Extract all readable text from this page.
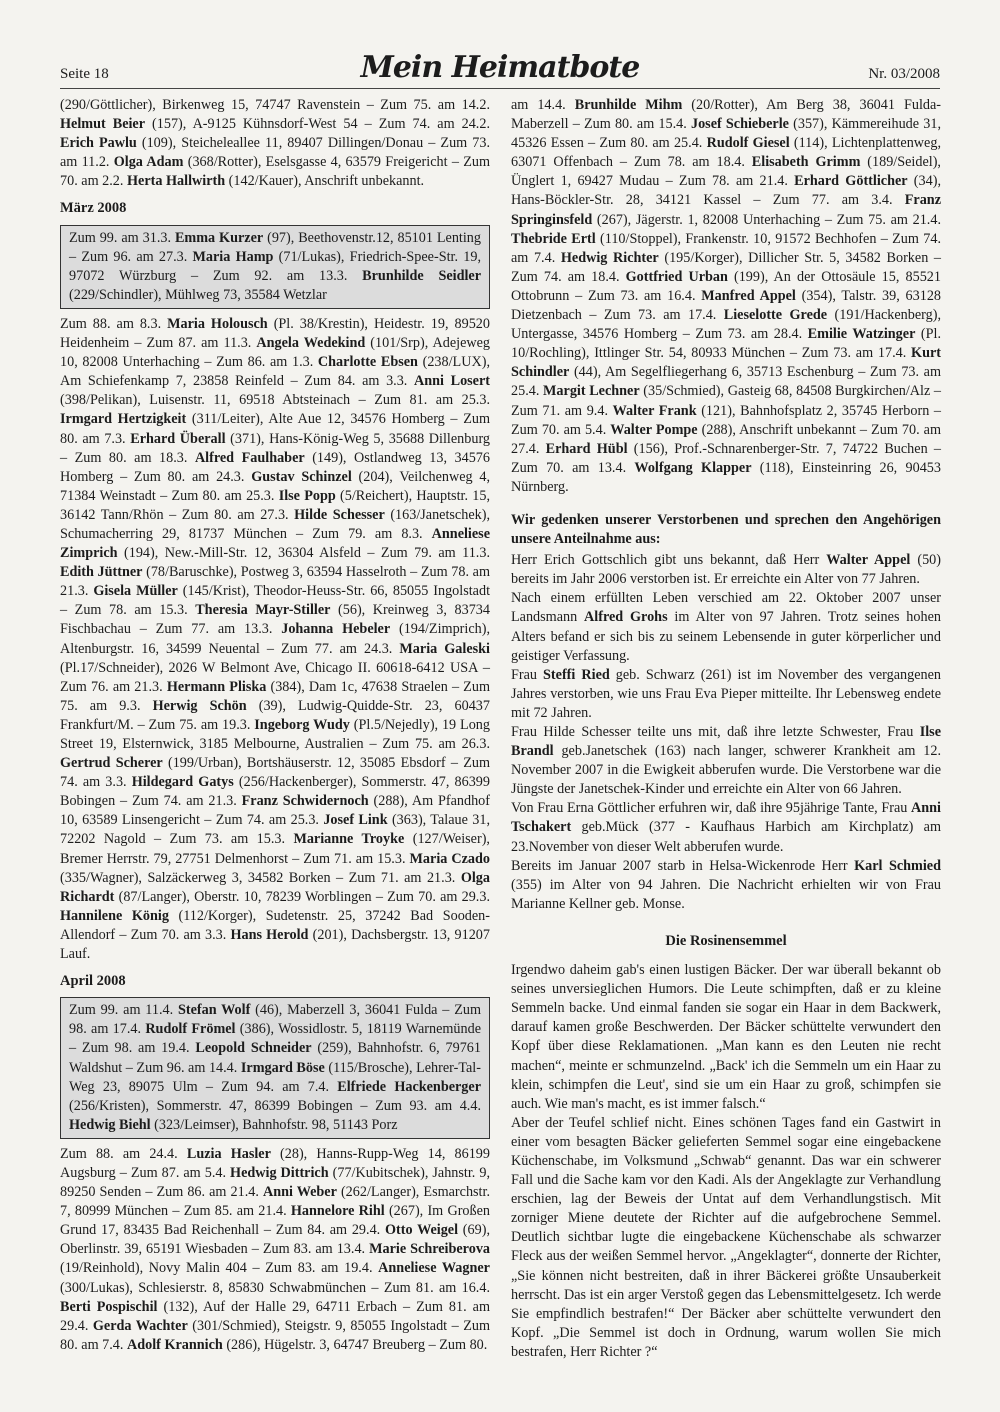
Seite 18	Mein Heimatbote	Nr. 03/2008

(290/Göttlicher), Birkenweg 15, 74747 Ravenstein – Zum 75. am 14.2. Helmut Beier (157), A-9125 Kühnsdorf-West 54 – Zum 74. am 24.2. Erich Pawlu (109), Steicheleallee 11, 89407 Dillingen/Donau – Zum 73. am 11.2. Olga Adam (368/Rotter), Eselsgasse 4, 63579 Freigericht – Zum 70. am 2.2. Herta Hallwirth (142/Kauer), Anschrift unbekannt.

März 2008

Zum 99. am 31.3. Emma Kurzer (97), Beethovenstr.12, 85101 Lenting – Zum 96. am 27.3. Maria Hamp (71/Lukas), Friedrich-Spee-Str. 19, 97072 Würzburg – Zum 92. am 13.3. Brunhilde Seidler (229/Schindler), Mühlweg 73, 35584 Wetzlar

Zum 88. am 8.3. Maria Holousch (Pl. 38/Krestin), Heidestr. 19, 89520 Heidenheim – Zum 87. am 11.3. Angela Wedekind (101/Srp), Adejeweg 10, 82008 Unterhaching – Zum 86. am 1.3. Charlotte Ebsen (238/LUX), Am Schiefenkamp 7, 23858 Reinfeld – Zum 84. am 3.3. Anni Losert (398/Pelikan), Luisenstr. 11, 69518 Abtsteinach – Zum 81. am 25.3. Irmgard Hertzigkeit (311/Leiter), Alte Aue 12, 34576 Homberg – Zum 80. am 7.3. Erhard Überall (371), Hans-König-Weg 5, 35688 Dillenburg – Zum 80. am 18.3. Alfred Faulhaber (149), Ostlandweg 13, 34576 Homberg – Zum 80. am 24.3. Gustav Schinzel (204), Veilchenweg 4, 71384 Weinstadt – Zum 80. am 25.3. Ilse Popp (5/Reichert), Hauptstr. 15, 36142 Tann/Rhön – Zum 80. am 27.3. Hilde Schesser (163/Janetschek), Schumacherring 29, 81737 München – Zum 79. am 8.3. Anneliese Zimprich (194), New.-Mill-Str. 12, 36304 Alsfeld – Zum 79. am 11.3. Edith Jüttner (78/Baruschke), Postweg 3, 63594 Hasselroth – Zum 78. am 21.3. Gisela Müller (145/Krist), Theodor-Heuss-Str. 66, 85055 Ingolstadt – Zum 78. am 15.3. Theresia Mayr-Stiller (56), Kreinweg 3, 83734 Fischbachau – Zum 77. am 13.3. Johanna Hebeler (194/Zimprich), Altenburgstr. 16, 34599 Neuental – Zum 77. am 24.3. Maria Galeski (Pl.17/Schneider), 2026 W Belmont Ave, Chicago II. 60618-6412 USA – Zum 76. am 21.3. Hermann Pliska (384), Dam 1c, 47638 Straelen – Zum 75. am 9.3. Herwig Schön (39), Ludwig-Quidde-Str. 23, 60437 Frankfurt/M. – Zum 75. am 19.3. Ingeborg Wudy (Pl.5/Nejedly), 19 Long Street 19, Elsternwick, 3185 Melbourne, Australien – Zum 75. am 26.3. Gertrud Scherer (199/Urban), Bortshäuserstr. 12, 35085 Ebsdorf – Zum 74. am 3.3. Hildegard Gatys (256/Hackenberger), Sommerstr. 47, 86399 Bobingen – Zum 74. am 21.3. Franz Schwidernoch (288), Am Pfandhof 10, 63589 Linsengericht – Zum 74. am 25.3. Josef Link (363), Talaue 31, 72202 Nagold – Zum 73. am 15.3. Marianne Troyke (127/Weiser), Bremer Herrstr. 79, 27751 Delmenhorst – Zum 71. am 15.3. Maria Czado (335/Wagner), Salzäckerweg 3, 34582 Borken – Zum 71. am 21.3. Olga Richardt (87/Langer), Oberstr. 10, 78239 Worblingen – Zum 70. am 29.3. Hannilene König (112/Korger), Sudetenstr. 25, 37242 Bad Sooden-Allendorf – Zum 70. am 3.3. Hans Herold (201), Dachsbergstr. 13, 91207 Lauf.

April 2008

Zum 99. am 11.4. Stefan Wolf (46), Maberzell 3, 36041 Fulda – Zum 98. am 17.4. Rudolf Frömel (386), Wossidlostr. 5, 18119 Warnemünde – Zum 98. am 19.4. Leopold Schneider (259), Bahnhofstr. 6, 79761 Waldshut – Zum 96. am 14.4. Irmgard Böse (115/Brosche), Lehrer-Tal-Weg 23, 89075 Ulm – Zum 94. am 7.4. Elfriede Hackenberger (256/Kristen), Sommerstr. 47, 86399 Bobingen – Zum 93. am 4.4. Hedwig Biehl (323/Leimser), Bahnhofstr. 98, 51143 Porz

Zum 88. am 24.4. Luzia Hasler (28), Hanns-Rupp-Weg 14, 86199 Augsburg – Zum 87. am 5.4. Hedwig Dittrich (77/Kubitschek), Jahnstr. 9, 89250 Senden – Zum 86. am 21.4. Anni Weber (262/Langer), Esmarchstr. 7, 80999 München – Zum 85. am 21.4. Hannelore Rihl (267), Im Großen Grund 17, 83435 Bad Reichenhall – Zum 84. am 29.4. Otto Weigel (69), Oberlinstr. 39, 65191 Wiesbaden – Zum 83. am 13.4. Marie Schreiberova (19/Reinhold), Novy Malin 404 – Zum 83. am 19.4. Anneliese Wagner (300/Lukas), Schlesierstr. 8, 85830 Schwabmünchen – Zum 81. am 16.4. Berti Pospischil (132), Auf der Halle 29, 64711 Erbach – Zum 81. am 29.4. Gerda Wachter (301/Schmied), Steigstr. 9, 85055 Ingolstadt – Zum 80. am 7.4. Adolf Krannich (286), Hügelstr. 3, 64747 Breuberg – Zum 80.

am 14.4. Brunhilde Mihm (20/Rotter), Am Berg 38, 36041 Fulda-Maberzell – Zum 80. am 15.4. Josef Schieberle (357), Kämmereihude 31, 45326 Essen – Zum 80. am 25.4. Rudolf Giesel (114), Lichtenplattenweg, 63071 Offenbach – Zum 78. am 18.4. Elisabeth Grimm (189/Seidel), Ünglert 1, 69427 Mudau – Zum 78. am 21.4. Erhard Göttlicher (34), Hans-Böckler-Str. 28, 34121 Kassel – Zum 77. am 3.4. Franz Springinsfeld (267), Jägerstr. 1, 82008 Unterhaching – Zum 75. am 21.4. Thebride Ertl (110/Stoppel), Frankenstr. 10, 91572 Bechhofen – Zum 74. am 7.4. Hedwig Richter (195/Korger), Dillicher Str. 5, 34582 Borken – Zum 74. am 18.4. Gottfried Urban (199), An der Ottosäule 15, 85521 Ottobrunn – Zum 73. am 16.4. Manfred Appel (354), Talstr. 39, 63128 Dietzenbach – Zum 73. am 17.4. Lieselotte Grede (191/Hackenberg), Untergasse, 34576 Homberg – Zum 73. am 28.4. Emilie Watzinger (Pl. 10/Rochling), Ittlinger Str. 54, 80933 München – Zum 73. am 17.4. Kurt Schindler (44), Am Segelfliegerhang 6, 35713 Eschenburg – Zum 73. am 25.4. Margit Lechner (35/Schmied), Gasteig 68, 84508 Burgkirchen/Alz – Zum 71. am 9.4. Walter Frank (121), Bahnhofsplatz 2, 35745 Herborn – Zum 70. am 5.4. Walter Pompe (288), Anschrift unbekannt – Zum 70. am 27.4. Erhard Hübl (156), Prof.-Schnarenberger-Str. 7, 74722 Buchen – Zum 70. am 13.4. Wolfgang Klapper (118), Einsteinring 26, 90453 Nürnberg.

Wir gedenken unserer Verstorbenen und sprechen den Angehörigen unsere Anteilnahme aus:

Herr Erich Gottschlich gibt uns bekannt, daß Herr Walter Appel (50) bereits im Jahr 2006 verstorben ist. Er erreichte ein Alter von 77 Jahren.

Nach einem erfüllten Leben verschied am 22. Oktober 2007 unser Landsmann Alfred Grohs im Alter von 97 Jahren. Trotz seines hohen Alters befand er sich bis zu seinem Lebensende in guter körperlicher und geistiger Verfassung.

Frau Steffi Ried geb. Schwarz (261) ist im November des vergangenen Jahres verstorben, wie uns Frau Eva Pieper mitteilte. Ihr Lebensweg endete mit 72 Jahren.

Frau Hilde Schesser teilte uns mit, daß ihre letzte Schwester, Frau Ilse Brandl geb.Janetschek (163) nach langer, schwerer Krankheit am 12. November 2007 in die Ewigkeit abberufen wurde. Die Verstorbene war die Jüngste der Janetschek-Kinder und erreichte ein Alter von 66 Jahren.

Von Frau Erna Göttlicher erfuhren wir, daß ihre 95jährige Tante, Frau Anni Tschakert geb.Mück (377 - Kaufhaus Harbich am Kirchplatz) am 23.November von dieser Welt abberufen wurde.

Bereits im Januar 2007 starb in Helsa-Wickenrode Herr Karl Schmied (355) im Alter von 94 Jahren. Die Nachricht erhielten wir von Frau Marianne Kellner geb. Monse.

Die Rosinensemmel

Irgendwo daheim gab's einen lustigen Bäcker. Der war überall bekannt ob seines unversieglichen Humors. Die Leute schimpften, daß er zu kleine Semmeln backe. Und einmal fanden sie sogar ein Haar in dem Backwerk, darauf kamen große Beschwerden. Der Bäcker schüttelte verwundert den Kopf über diese Reklamationen. „Man kann es den Leuten nie recht machen“, meinte er schmunzelnd. „Back' ich die Semmeln um ein Haar zu klein, schimpfen die Leut', sind sie um ein Haar zu groß, schimpfen sie auch. Wie man's macht, es ist immer falsch.“

Aber der Teufel schlief nicht. Eines schönen Tages fand ein Gastwirt in einer vom besagten Bäcker gelieferten Semmel sogar eine eingebackene Küchenschabe, im Volksmund „Schwab“ genannt. Das war ein schwerer Fall und die Sache kam vor den Kadi. Als der Angeklagte zur Verhandlung erschien, lag der Beweis der Untat auf dem Verhandlungstisch. Mit zorniger Miene deutete der Richter auf die aufgebrochene Semmel. Deutlich sichtbar lugte die eingebackene Küchenschabe als schwarzer Fleck aus der weißen Semmel hervor. „Angeklagter“, donnerte der Richter, „Sie können nicht bestreiten, daß in ihrer Bäckerei größte Unsauberkeit herrscht. Das ist ein arger Verstoß gegen das Lebensmittelgesetz. Ich werde Sie empfindlich bestrafen!“ Der Bäcker aber schüttelte verwundert den Kopf. „Die Semmel ist doch in Ordnung, warum wollen Sie mich bestrafen, Herr Richter ?“
